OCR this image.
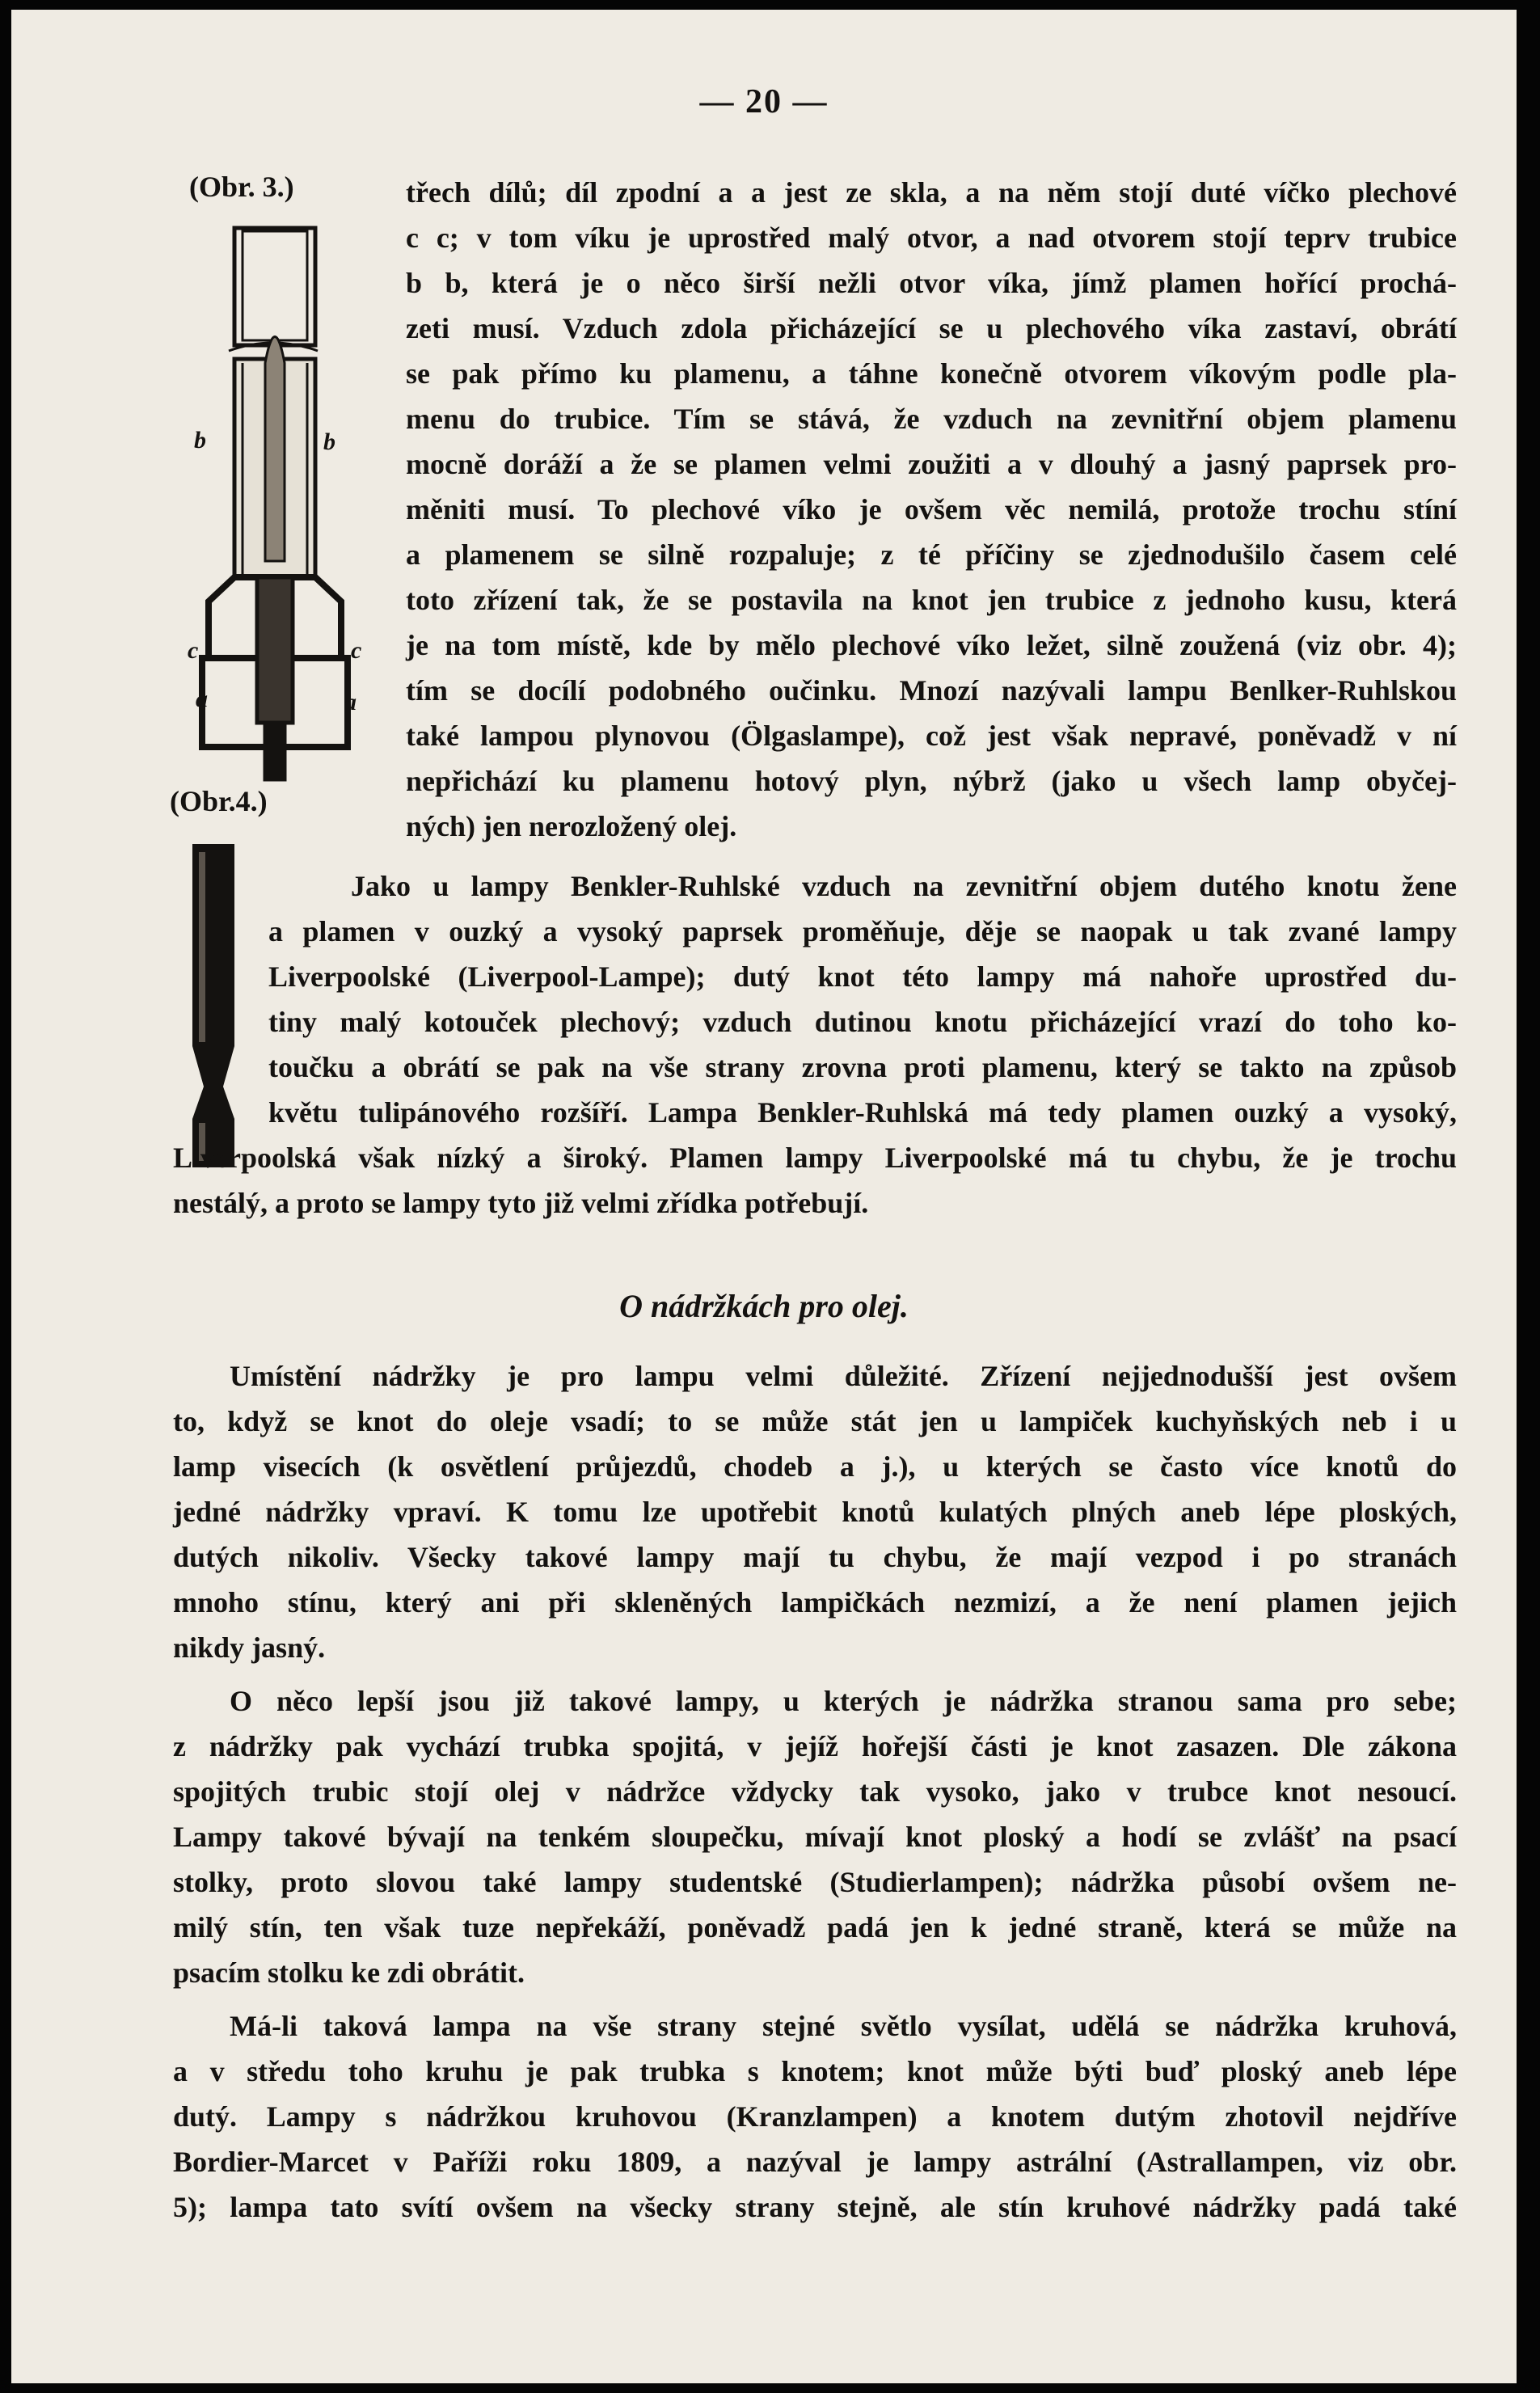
— 20 —
(Obr. 3.)
b	b
c	c
a	a
(Obr.4.)
třech dílů; díl zpodní a a jest ze skla, a na něm stojí duté víčko plechové
c c; v tom víku je uprostřed malý otvor, a nad otvorem stojí teprv trubice
b b, která je o něco širší nežli otvor víka, jímž plamen hořící prochá-
zeti musí. Vzduch zdola přicházející se u plechového víka zastaví, obrátí
se pak přímo ku plamenu, a táhne konečně otvorem víkovým podle pla-
menu do trubice. Tím se stává, že vzduch na zevnitřní objem plamenu
mocně doráží a že se plamen velmi zoužiti a v dlouhý a jasný paprsek pro-
měniti musí. To plechové víko je ovšem věc nemilá, protože trochu stíní
a plamenem se silně rozpaluje; z té příčiny se zjednodušilo časem celé
toto zřízení tak, že se postavila na knot jen trubice z jednoho kusu, která
je na tom místě, kde by mělo plechové víko ležet, silně zoužená (viz obr. 4);
tím se docílí podobného oučinku. Mnozí nazývali lampu Benlker-Ruhlskou
také lampou plynovou (Ölgaslampe), což jest však nepravé, poněvadž v ní
nepřichází ku plamenu hotový plyn, nýbrž (jako u všech lamp obyčej-
ných) jen nerozložený olej.
Jako u lampy Benkler-Ruhlské vzduch na zevnitřní objem dutého knotu žene
a plamen v ouzký a vysoký paprsek proměňuje, děje se naopak u tak zvané lampy
Liverpoolské (Liverpool-Lampe); dutý knot této lampy má nahoře uprostřed du-
tiny malý kotouček plechový; vzduch dutinou knotu přicházející vrazí do toho ko-
toučku a obrátí se pak na vše strany zrovna proti plamenu, který se takto na způsob
květu tulipánového rozšíří. Lampa Benkler-Ruhlská má tedy plamen ouzký a vysoký,
Liverpoolská však nízký a široký. Plamen lampy Liverpoolské má tu chybu, že je trochu
nestálý, a proto se lampy tyto již velmi zřídka potřebují.
O nádržkách pro olej.
Umístění nádržky je pro lampu velmi důležité. Zřízení nejjednodušší jest ovšem
to, když se knot do oleje vsadí; to se může stát jen u lampiček kuchyňských neb i u
lamp visecích (k osvětlení průjezdů, chodeb a j.), u kterých se často více knotů do
jedné nádržky vpraví. K tomu lze upotřebit knotů kulatých plných aneb lépe ploských,
dutých nikoliv. Všecky takové lampy mají tu chybu, že mají vezpod i po stranách
mnoho stínu, který ani při skleněných lampičkách nezmizí, a že není plamen jejich
nikdy jasný.
O něco lepší jsou již takové lampy, u kterých je nádržka stranou sama pro sebe;
z nádržky pak vychází trubka spojitá, v jejíž hořejší části je knot zasazen. Dle zákona
spojitých trubic stojí olej v nádržce vždycky tak vysoko, jako v trubce knot nesoucí.
Lampy takové bývají na tenkém sloupečku, mívají knot ploský a hodí se zvlášť na psací
stolky, proto slovou také lampy studentské (Studierlampen); nádržka působí ovšem ne-
milý stín, ten však tuze nepřekáží, poněvadž padá jen k jedné straně, která se může na
psacím stolku ke zdi obrátit.
Má-li taková lampa na vše strany stejné světlo vysílat, udělá se nádržka kruhová,
a v středu toho kruhu je pak trubka s knotem; knot může býti buď ploský aneb lépe
dutý. Lampy s nádržkou kruhovou (Kranzlampen) a knotem dutým zhotovil nejdříve
Bordier-Marcet v Paříži roku 1809, a nazýval je lampy astrální (Astrallampen, viz obr.
5); lampa tato svítí ovšem na všecky strany stejně, ale stín kruhové nádržky padá také
